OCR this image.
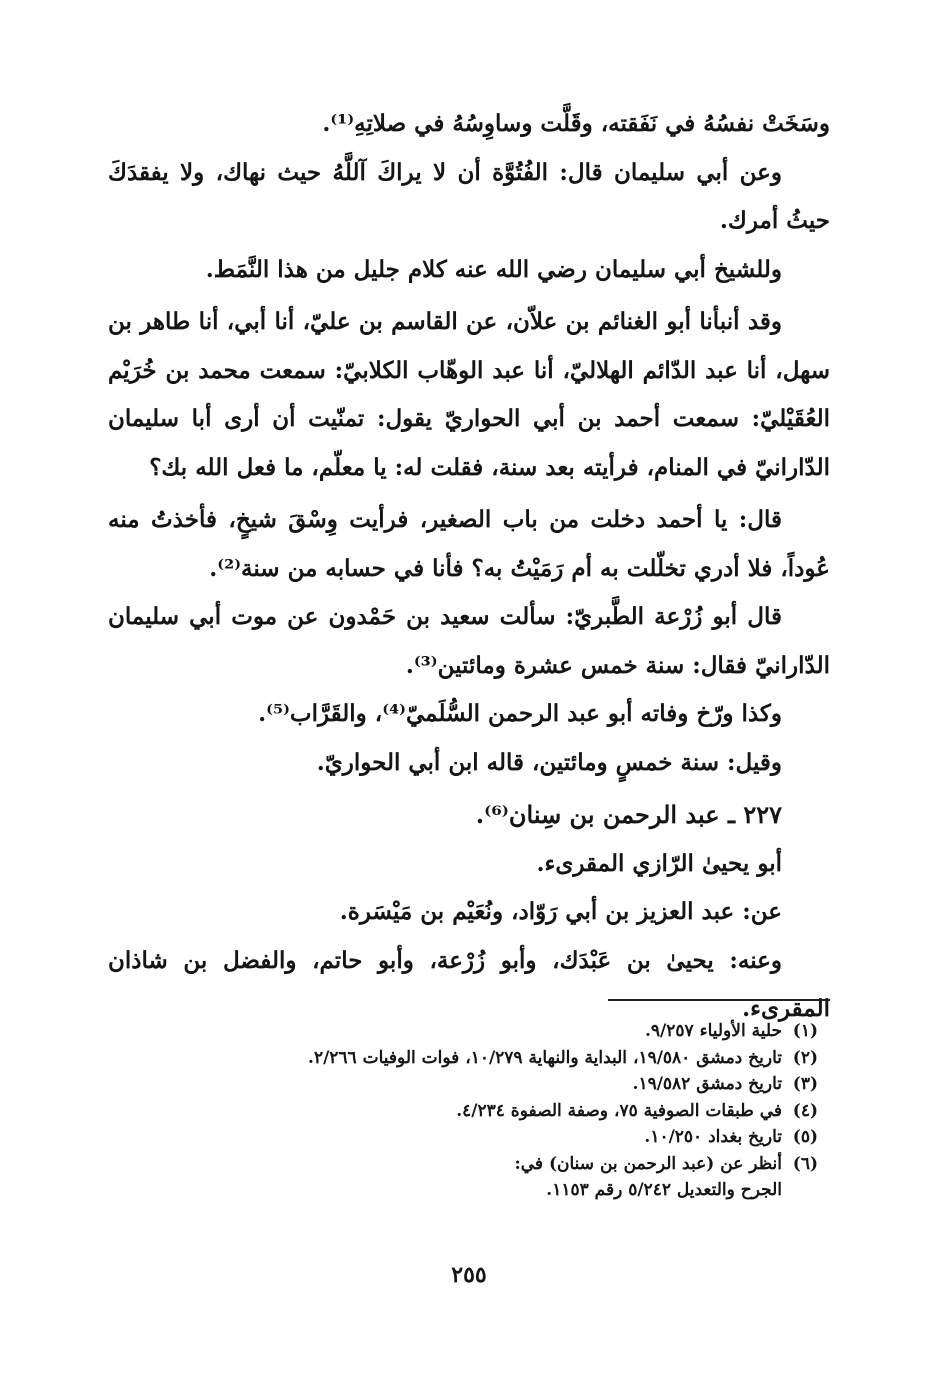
وسَخَتْ نفسُهُ في نَفَقته، وقَلَّت وساوِسُهُ في صلاتِهِ⁽¹⁾.

وعن أبي سليمان قال: الفُتُوَّة أن لا يراكَ آللَّهُ حيث نهاك، ولا يفقدَكَ حيثُ أمرك.

وللشيخ أبي سليمان رضي الله عنه كلام جليل من هذا النَّمَط.

وقد أنبأنا أبو الغنائم بن علاّن، عن القاسم بن عليّ، أنا أبي، أنا طاهر بن سهل، أنا عبد الدّائم الهلاليّ، أنا عبد الوهّاب الكلابيّ: سمعت محمد بن خُرَيْم العُقَيْليّ: سمعت أحمد بن أبي الحواريّ يقول: تمنّيت أن أرى أبا سليمان الدّارانيّ في المنام، فرأيته بعد سنة، فقلت له: يا معلّم، ما فعل الله بك؟

قال: يا أحمد دخلت من باب الصغير، فرأيت وِسْقَ شيخٍ، فأخذتُ منه عُوداً، فلا أدري تخلّلت به أم رَمَيْتُ به؟ فأنا في حسابه من سنة⁽²⁾.

قال أبو زُرْعة الطَّبريّ: سألت سعيد بن حَمْدون عن موت أبي سليمان الدّارانيّ فقال: سنة خمس عشرة ومائتين⁽³⁾.

وكذا ورّخ وفاته أبو عبد الرحمن السُّلَميّ⁽⁴⁾، والقَرَّاب⁽⁵⁾.

وقيل: سنة خمسٍ ومائتين، قاله ابن أبي الحواريّ.

٢٢٧ ـ عبد الرحمن بن سِنان⁽⁶⁾.

أبو يحيىٰ الرّازي المقرىء.

عن: عبد العزيز بن أبي رَوّاد، ونُعَيْم بن مَيْسَرة.

وعنه: يحيىٰ بن عَبْدَك، وأبو زُرْعة، وأبو حاتم، والفضل بن شاذان المقرىء.

(١)
حلية الأولياء ٩/٢٥٧.

(٢)
تاريخ دمشق ١٩/٥٨٠، البداية والنهاية ١٠/٢٧٩، فوات الوفيات ٢/٢٦٦.

(٣)
تاريخ دمشق ١٩/٥٨٢.

(٤)
في طبقات الصوفية ٧٥، وصفة الصفوة ٤/٢٣٤.

(٥)
تاريخ بغداد ١٠/٢٥٠.

(٦)
أنظر عن (عبد الرحمن بن سنان) في:

الجرح والتعديل ٥/٢٤٢ رقم ١١٥٣.

٢٥٥
